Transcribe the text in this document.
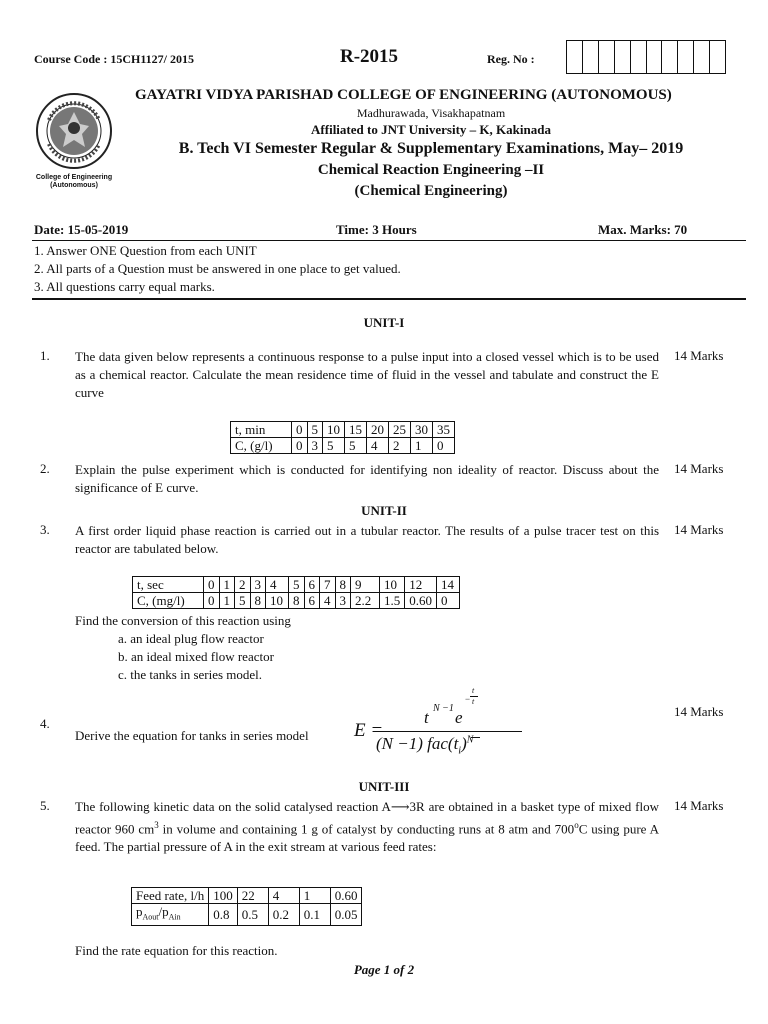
Course Code : 15CH1127/ 2015	R-2015	Reg. No :
College of Engineering
(Autonomous)
GAYATRI VIDYA PARISHAD COLLEGE OF ENGINEERING (AUTONOMOUS)
Madhurawada, Visakhapatnam
Affiliated to JNT University – K, Kakinada
B. Tech VI Semester Regular & Supplementary Examinations, May– 2019
Chemical Reaction Engineering –II
(Chemical Engineering)
Date: 15-05-2019	Time: 3 Hours	Max. Marks: 70
1. Answer ONE Question from each UNIT
2. All parts of a Question must be answered in one place to get valued.
3. All questions carry equal marks.
UNIT-I
1. The data given below represents a continuous response to a pulse input into a closed vessel which is to be used as a chemical reactor. Calculate the mean residence time of fluid in the vessel and tabulate and construct the E curve
14 Marks
t, min	0	5	10	15	20	25	30	35
C, (g/l)	0	3	5	5	4	2	1	0
2. Explain the pulse experiment which is conducted for identifying non ideality of reactor. Discuss about the significance of E curve.
14 Marks
UNIT-II
3. A first order liquid phase reaction is carried out in a tubular reactor. The results of a pulse tracer test on this reactor are tabulated below.
14 Marks
t, sec	0	1	2	3	4	5	6	7	8	9	10	12	14
C, (mg/l)	0	1	5	8	10	8	6	4	3	2.2	1.5	0.60	0
Find the conversion of this reaction using
a. an ideal plug flow reactor
b. an ideal mixed flow reactor
c. the tanks in series model.
4.
Derive the equation for tanks in series model
14 Marks
E =
t N −1 e
−
t
t
(N −1) $fac(t_i)^N$
UNIT-III
5. The following kinetic data on the solid catalysed reaction A⟶3R are obtained in a basket type of mixed flow reactor 960 $cm^3$ in volume and containing 1 g of catalyst by conducting runs at 8 atm and 700$^o$C using pure A feed. The partial pressure of A in the exit stream at various feed rates:
14 Marks
Feed rate, l/h	100	22	4	1	0.60
$p_{Aout}/p_{Ain}$	0.8	0.5	0.2	0.1	0.05
Find the rate equation for this reaction.
Page 1 of 2
